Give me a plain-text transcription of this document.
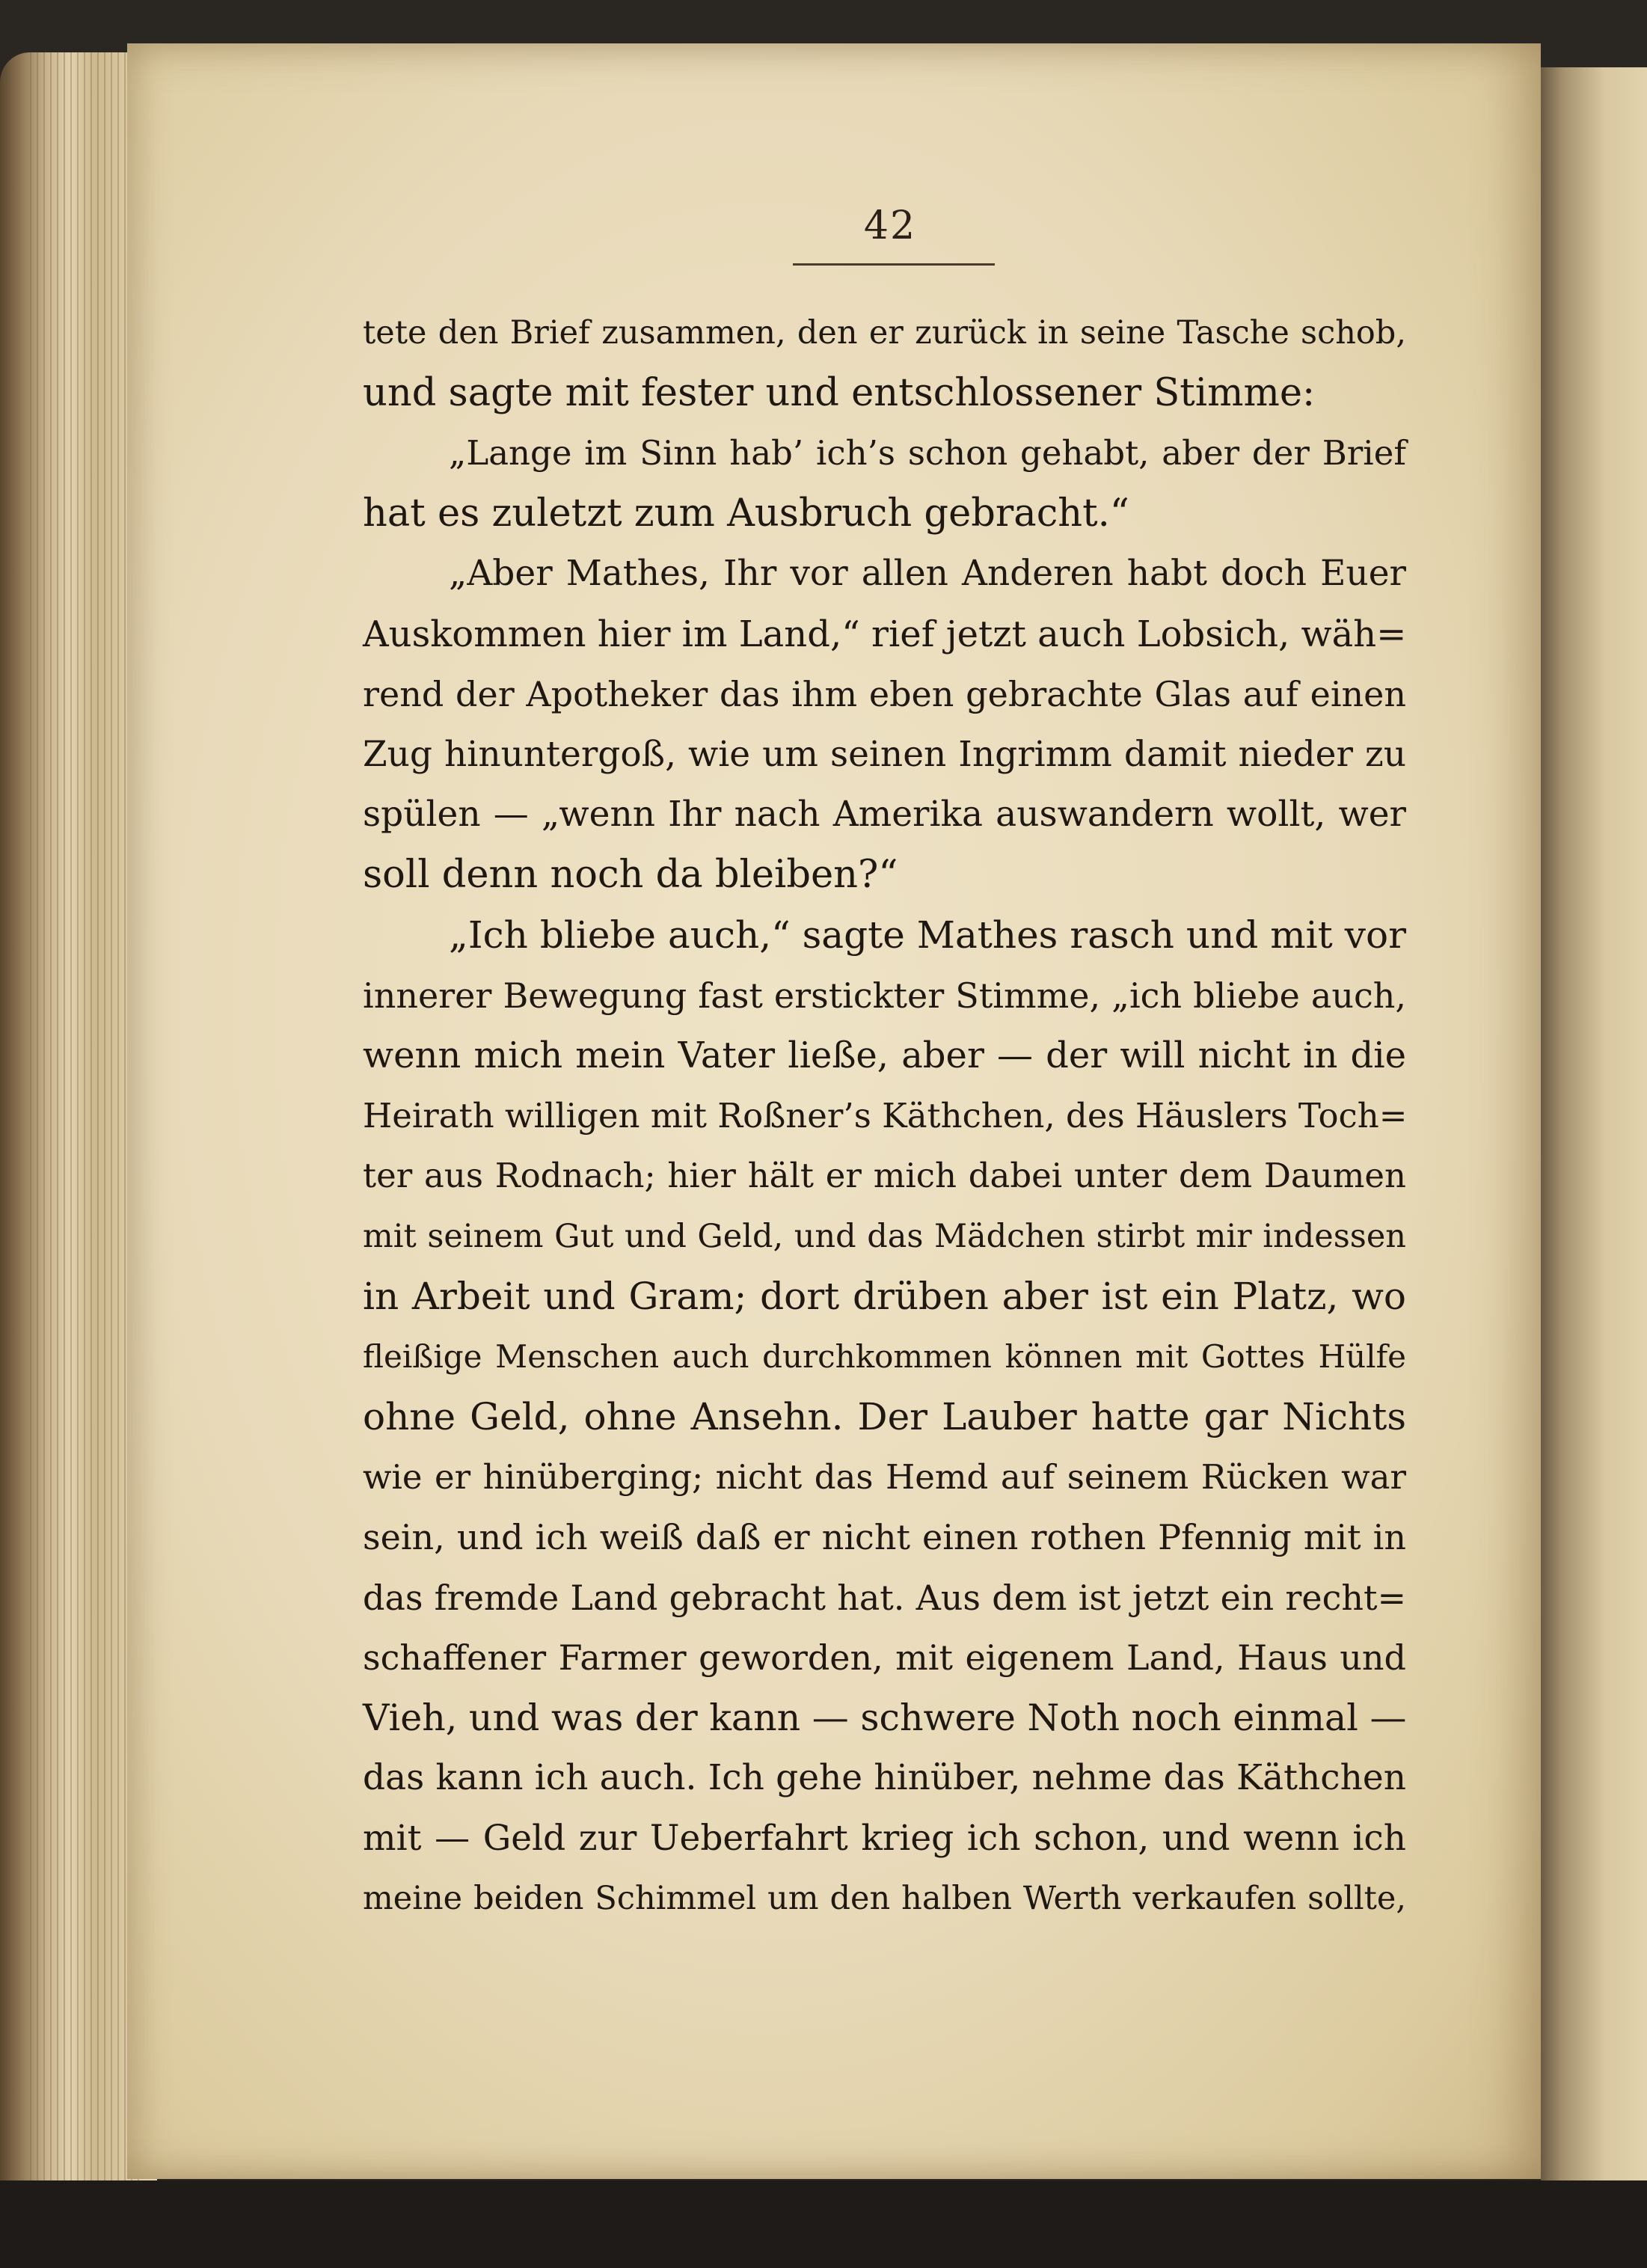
42
tete den Brief zusammen, den er zurück in seine Tasche schob,
und sagte mit fester und entschlossener Stimme:
„Lange im Sinn hab’ ich’s schon gehabt, aber der Brief
hat es zuletzt zum Ausbruch gebracht.“
„Aber Mathes, Ihr vor allen Anderen habt doch Euer
Auskommen hier im Land,“ rief jetzt auch Lobsich, wäh=
rend der Apotheker das ihm eben gebrachte Glas auf einen
Zug hinuntergoß, wie um seinen Ingrimm damit nieder zu
spülen — „wenn Ihr nach Amerika auswandern wollt, wer
soll denn noch da bleiben?“
„Ich bliebe auch,“ sagte Mathes rasch und mit vor
innerer Bewegung fast erstickter Stimme, „ich bliebe auch,
wenn mich mein Vater ließe, aber — der will nicht in die
Heirath willigen mit Roßner’s Käthchen, des Häuslers Toch=
ter aus Rodnach; hier hält er mich dabei unter dem Daumen
mit seinem Gut und Geld, und das Mädchen stirbt mir indessen
in Arbeit und Gram; dort drüben aber ist ein Platz, wo
fleißige Menschen auch durchkommen können mit Gottes Hülfe
ohne Geld, ohne Ansehn. Der Lauber hatte gar Nichts
wie er hinüberging; nicht das Hemd auf seinem Rücken war
sein, und ich weiß daß er nicht einen rothen Pfennig mit in
das fremde Land gebracht hat. Aus dem ist jetzt ein recht=
schaffener Farmer geworden, mit eigenem Land, Haus und
Vieh, und was der kann — schwere Noth noch einmal —
das kann ich auch. Ich gehe hinüber, nehme das Käthchen
mit — Geld zur Ueberfahrt krieg ich schon, und wenn ich
meine beiden Schimmel um den halben Werth verkaufen sollte,
